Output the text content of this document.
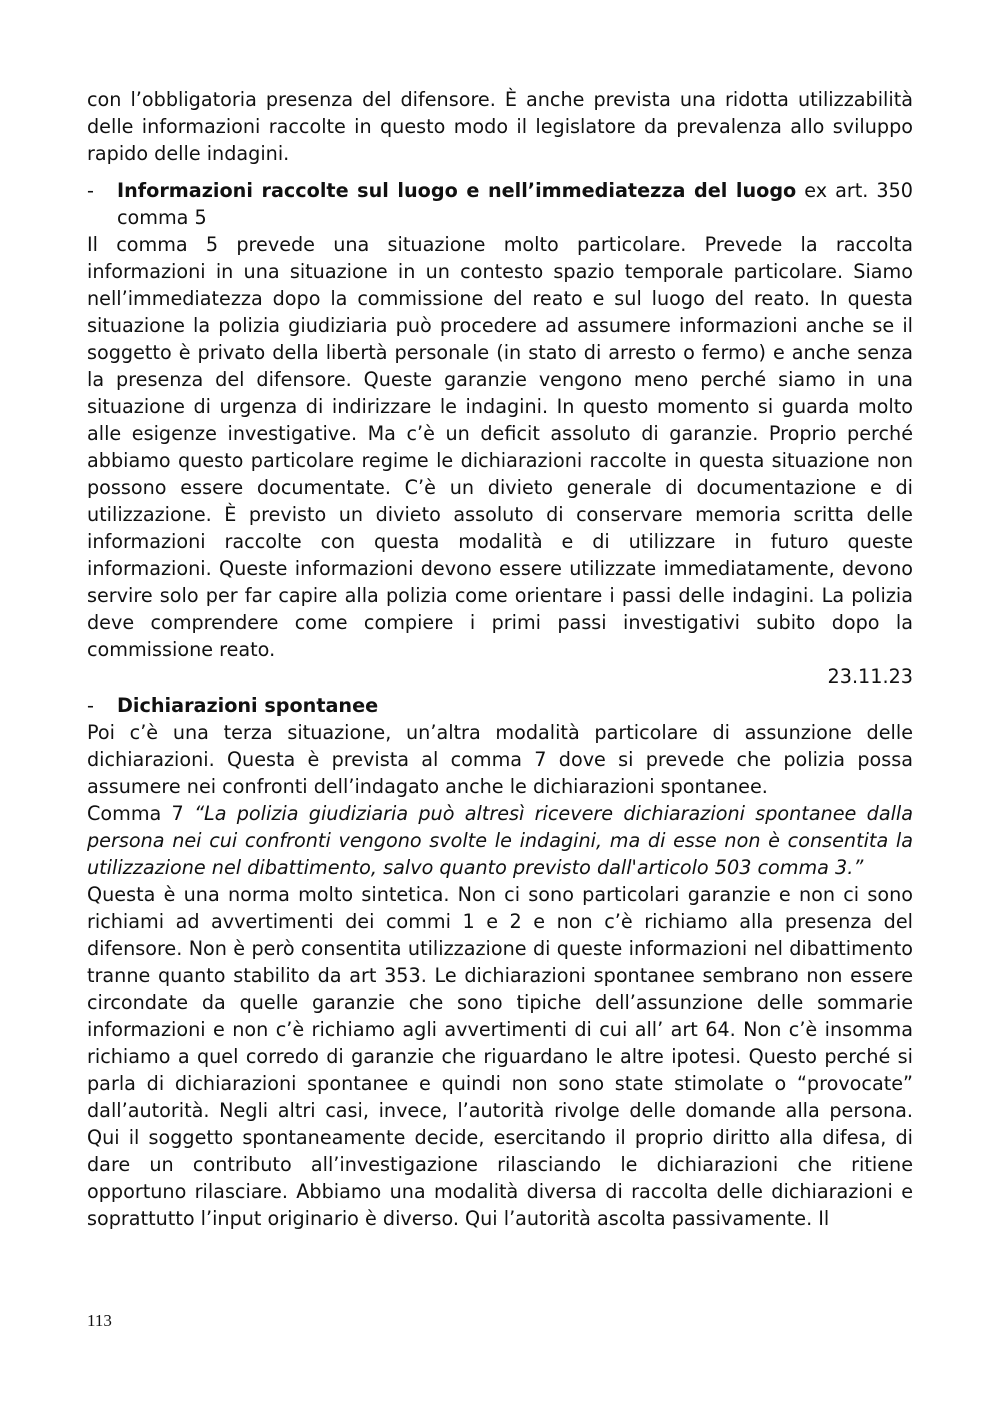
con l’obbligatoria presenza del difensore. È anche prevista una ridotta utilizzabilità delle informazioni raccolte in questo modo il legislatore da prevalenza allo sviluppo rapido delle indagini.

-	Informazioni raccolte sul luogo e nell’immediatezza del luogo ex art. 350 comma 5

Il comma 5 prevede una situazione molto particolare. Prevede la raccolta informazioni in una situazione in un contesto spazio temporale particolare. Siamo nell’immediatezza dopo la commissione del reato e sul luogo del reato. In questa situazione la polizia giudiziaria può procedere ad assumere informazioni anche se il soggetto è privato della libertà personale (in stato di arresto o fermo) e anche senza la presenza del difensore. Queste garanzie vengono meno perché siamo in una situazione di urgenza di indirizzare le indagini. In questo momento si guarda molto alle esigenze investigative. Ma c’è un deficit assoluto di garanzie. Proprio perché abbiamo questo particolare regime le dichiarazioni raccolte in questa situazione non possono essere documentate. C’è un divieto generale di documentazione e di utilizzazione. È previsto un divieto assoluto di conservare memoria scritta delle informazioni raccolte con questa modalità e di utilizzare in futuro queste informazioni. Queste informazioni devono essere utilizzate immediatamente, devono servire solo per far capire alla polizia come orientare i passi delle indagini. La polizia deve comprendere come compiere i primi passi investigativi subito dopo la commissione reato.

23.11.23

-	Dichiarazioni spontanee

Poi c’è una terza situazione, un’altra modalità particolare di assunzione delle dichiarazioni. Questa è prevista al comma 7 dove si prevede che polizia possa assumere nei confronti dell’indagato anche le dichiarazioni spontanee.

Comma 7 “La polizia giudiziaria può altresì ricevere dichiarazioni spontanee dalla persona nei cui confronti vengono svolte le indagini, ma di esse non è consentita la utilizzazione nel dibattimento, salvo quanto previsto dall'articolo 503 comma 3.”

Questa è una norma molto sintetica. Non ci sono particolari garanzie e non ci sono richiami ad avvertimenti dei commi 1 e 2 e non c’è richiamo alla presenza del difensore. Non è però consentita utilizzazione di queste informazioni nel dibattimento tranne quanto stabilito da art 353. Le dichiarazioni spontanee sembrano non essere circondate da quelle garanzie che sono tipiche dell’assunzione delle sommarie informazioni e non c’è richiamo agli avvertimenti di cui all’ art 64. Non c’è insomma richiamo a quel corredo di garanzie che riguardano le altre ipotesi. Questo perché si parla di dichiarazioni spontanee e quindi non sono state stimolate o “provocate” dall’autorità. Negli altri casi, invece, l’autorità rivolge delle domande alla persona. Qui il soggetto spontaneamente decide, esercitando il proprio diritto alla difesa, di dare un contributo all’investigazione rilasciando le dichiarazioni che ritiene opportuno rilasciare. Abbiamo una modalità diversa di raccolta delle dichiarazioni e soprattutto l’input originario è diverso. Qui l’autorità ascolta passivamente. Il

113
